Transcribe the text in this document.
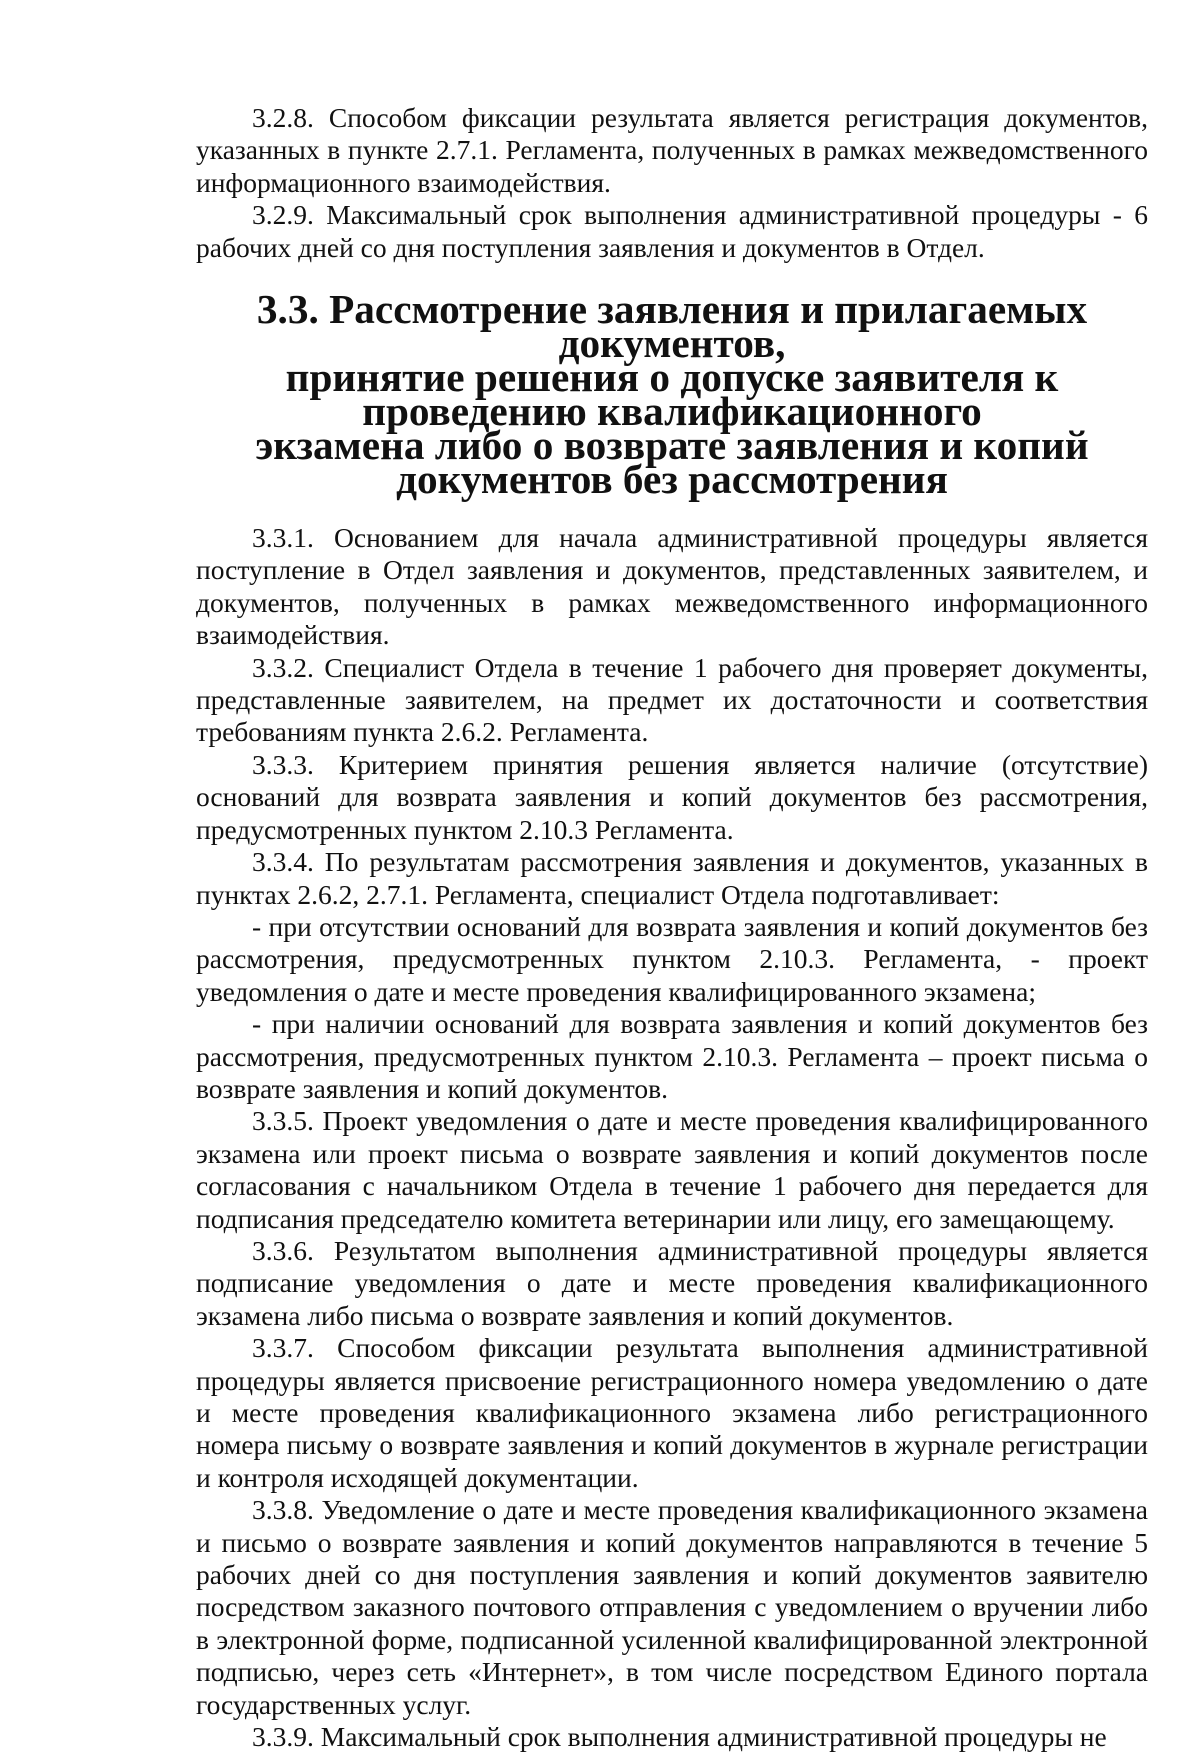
3.2.8. Способом фиксации результата является регистрация документов, указанных в пункте 2.7.1. Регламента, полученных в рамках межведомственного информационного взаимодействия.

3.2.9. Максимальный срок выполнения административной процедуры - 6 рабочих дней со дня поступления заявления и документов в Отдел.

3.3. Рассмотрение заявления и прилагаемых документов,
принятие решения о допуске заявителя к проведению квалификационного
экзамена либо о возврате заявления и копий документов без рассмотрения

3.3.1. Основанием для начала административной процедуры является поступление в Отдел заявления и документов, представленных заявителем, и документов, полученных в рамках межведомственного информационного взаимодействия.

3.3.2. Специалист Отдела в течение 1 рабочего дня проверяет документы, представленные заявителем, на предмет их достаточности и соответствия требованиям пункта 2.6.2. Регламента.

3.3.3. Критерием принятия решения является наличие (отсутствие) оснований для возврата заявления и копий документов без рассмотрения, предусмотренных пунктом 2.10.3 Регламента.

3.3.4. По результатам рассмотрения заявления и документов, указанных в пунктах 2.6.2, 2.7.1. Регламента, специалист Отдела подготавливает:

- при отсутствии оснований для возврата заявления и копий документов без рассмотрения, предусмотренных пунктом 2.10.3. Регламента, - проект уведомления о дате и месте проведения квалифицированного экзамена;

- при наличии оснований для возврата заявления и копий документов без рассмотрения, предусмотренных пунктом 2.10.3. Регламента – проект письма о возврате заявления и копий документов.

3.3.5. Проект уведомления о дате и месте проведения квалифицированного экзамена или проект письма о возврате заявления и копий документов после согласования с начальником Отдела в течение 1 рабочего дня передается для подписания председателю комитета ветеринарии или лицу, его замещающему.

3.3.6. Результатом выполнения административной процедуры является подписание уведомления о дате и месте проведения квалификационного экзамена либо письма о возврате заявления и копий документов.

3.3.7. Способом фиксации результата выполнения административной процедуры является присвоение регистрационного номера уведомлению о дате и месте проведения квалификационного экзамена либо регистрационного номера письму о возврате заявления и копий документов в журнале регистрации и контроля исходящей документации.

3.3.8. Уведомление о дате и месте проведения квалификационного экзамена и письмо о возврате заявления и копий документов направляются в течение 5 рабочих дней со дня поступления заявления и копий документов заявителю посредством заказного почтового отправления с уведомлением о вручении либо в электронной форме, подписанной усиленной квалифицированной электронной подписью, через сеть «Интернет», в том числе посредством Единого портала государственных услуг.

3.3.9. Максимальный срок выполнения административной процедуры не
